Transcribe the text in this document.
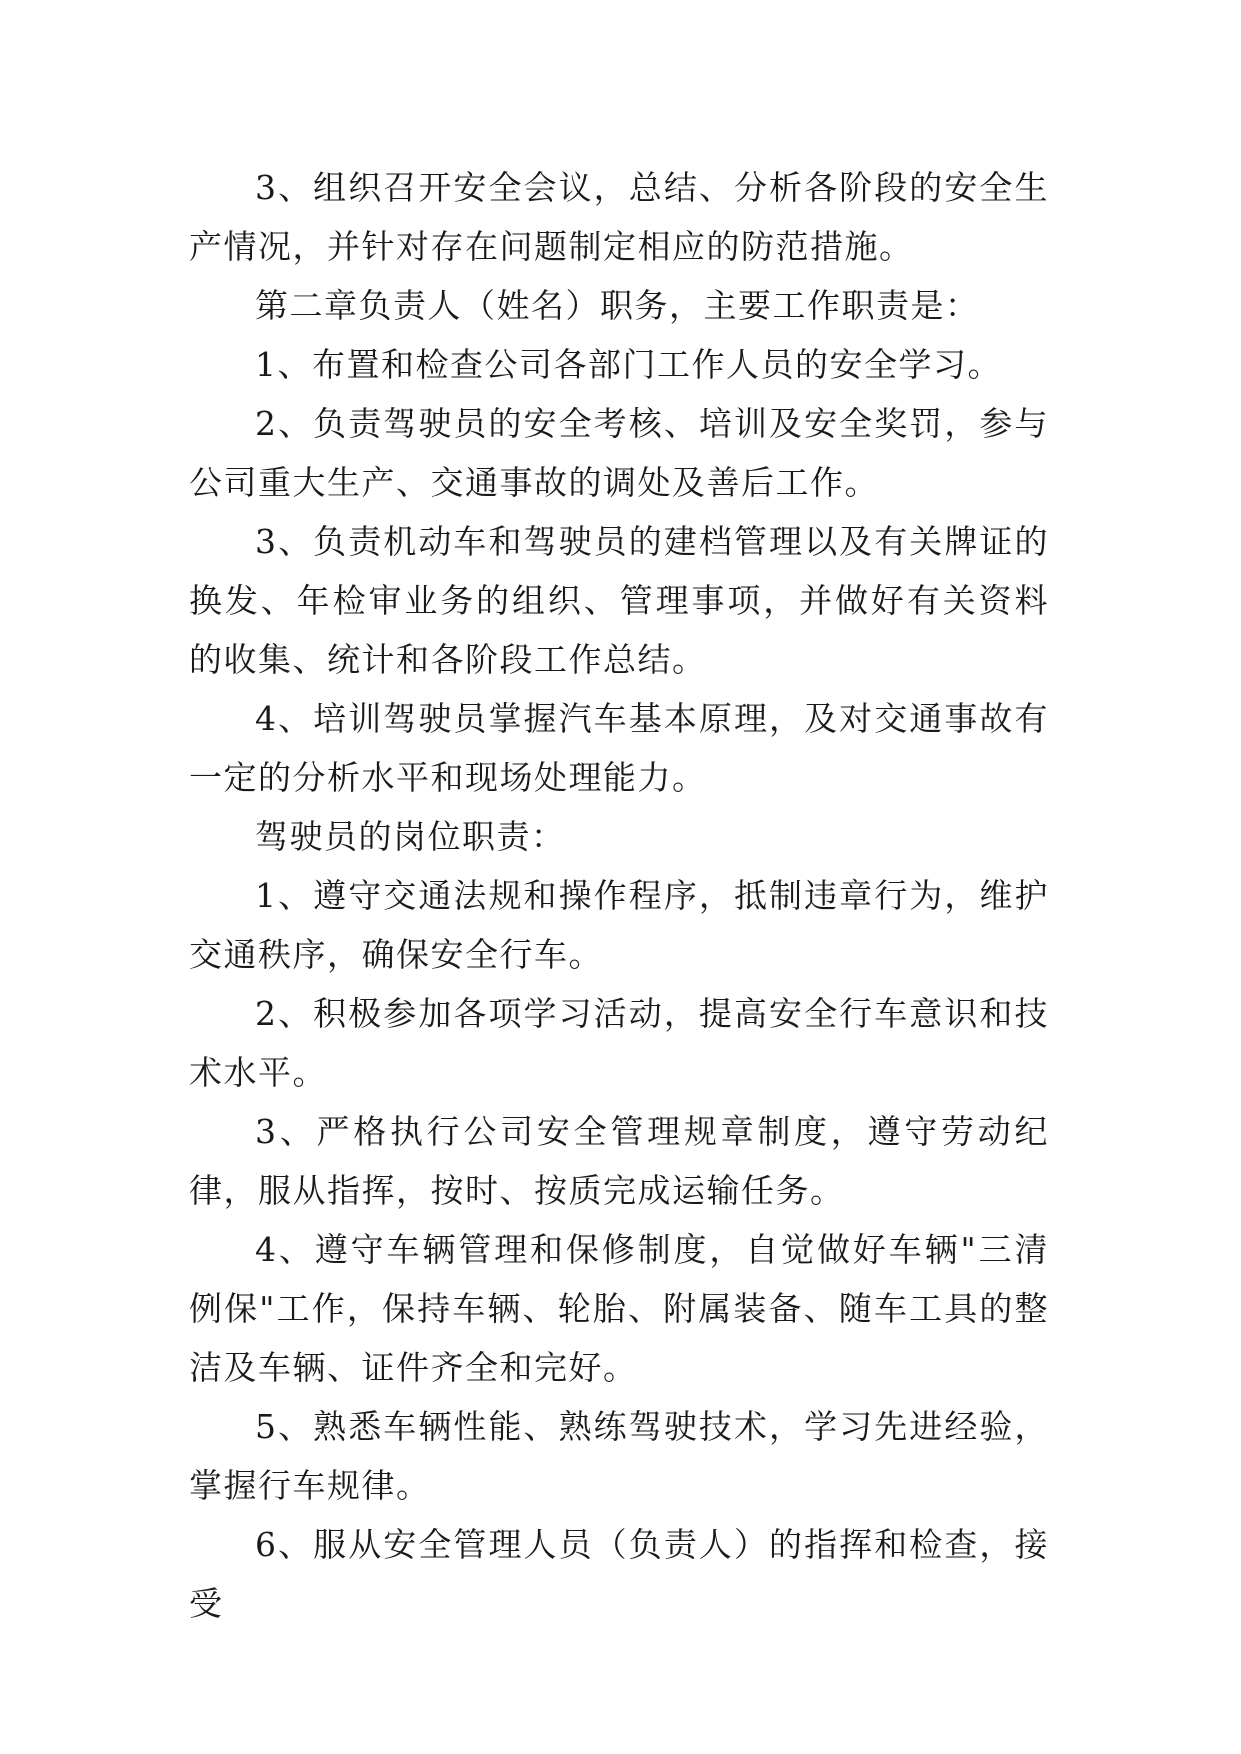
3、组织召开安全会议，总结、分析各阶段的安全生产情况，并针对存在问题制定相应的防范措施。

第二章负责人（姓名）职务，主要工作职责是：

1、布置和检查公司各部门工作人员的安全学习。

2、负责驾驶员的安全考核、培训及安全奖罚，参与公司重大生产、交通事故的调处及善后工作。

3、负责机动车和驾驶员的建档管理以及有关牌证的换发、年检审业务的组织、管理事项，并做好有关资料的收集、统计和各阶段工作总结。

4、培训驾驶员掌握汽车基本原理，及对交通事故有一定的分析水平和现场处理能力。

驾驶员的岗位职责：

1、遵守交通法规和操作程序，抵制违章行为，维护交通秩序，确保安全行车。

2、积极参加各项学习活动，提高安全行车意识和技术水平。

3、严格执行公司安全管理规章制度，遵守劳动纪律，服从指挥，按时、按质完成运输任务。

4、遵守车辆管理和保修制度，自觉做好车辆"三清例保"工作，保持车辆、轮胎、附属装备、随车工具的整洁及车辆、证件齐全和完好。

5、熟悉车辆性能、熟练驾驶技术，学习先进经验，掌握行车规律。

6、服从安全管理人员（负责人）的指挥和检查，接受
